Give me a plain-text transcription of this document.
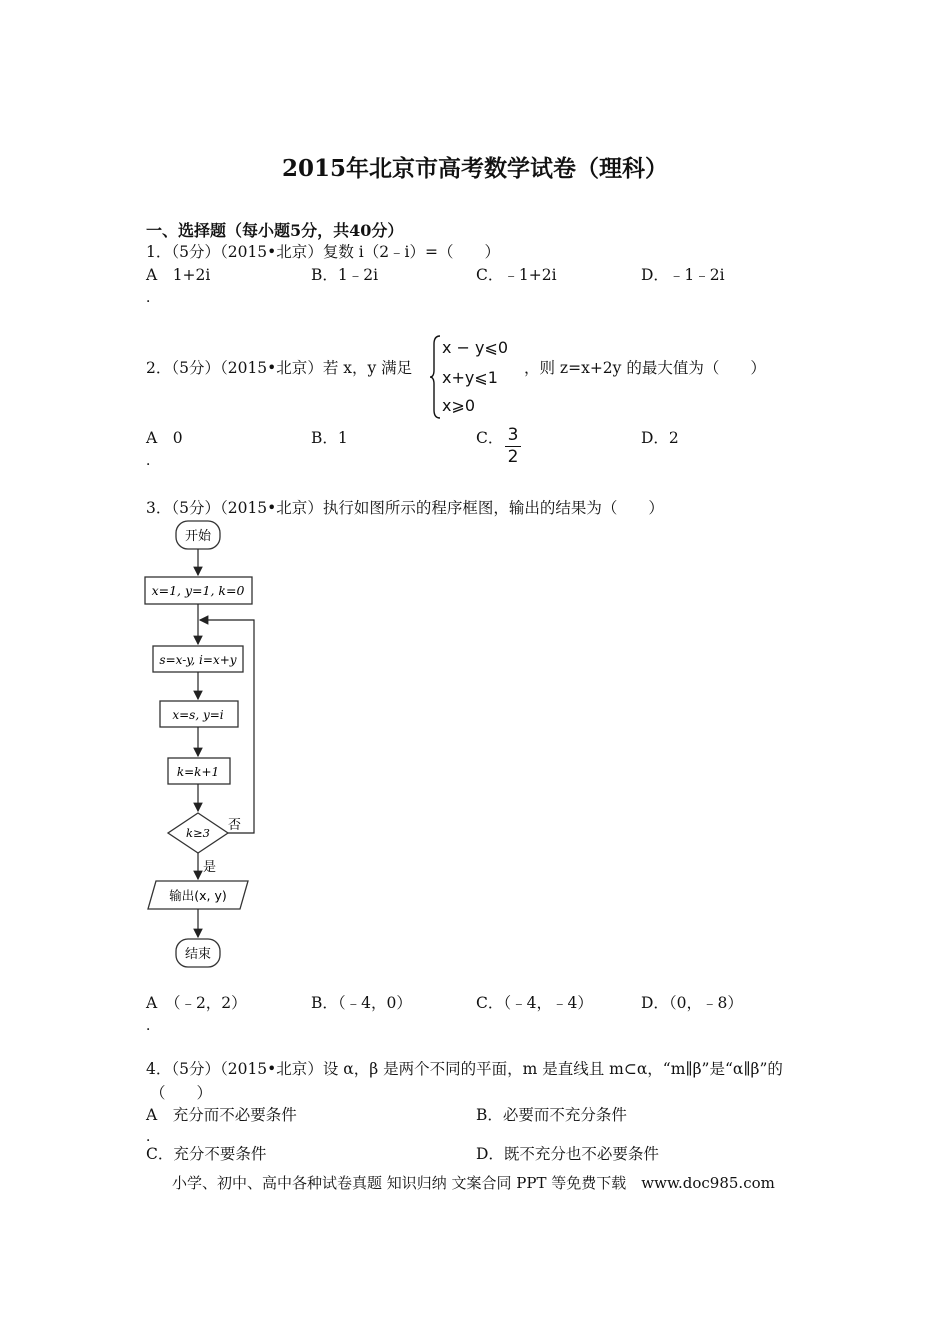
2015年北京市高考数学试卷（理科）
一、选择题（每小题5分，共40分）
1．（5分）（2015•北京）复数 i（2﹣i）=（　　）
A　1+2i
．
B．1﹣2i	C．﹣1+2i	D．﹣1﹣2i
2．（5分）（2015•北京）若 x，y 满足
x − y⩽0
x+y⩽1
x⩾0
，则 z=x+2y 的最大值为（　　）
A　0
．
B．1	C． 3
2
D．2
3．（5分）（2015•北京）执行如图所示的程序框图，输出的结果为（　　）
开始
x=1, y=1, k=0
s=x-y, i=x+y
x=s, y=i
k=k+1
k≥3 否
是
输出(x, y)
结束
A　（﹣2，2）
．
B．（﹣4，0）	C．（﹣4，﹣4）	D．（0，﹣8）
4．（5分）（2015•北京）设 α，β 是两个不同的平面，m 是直线且 m⊂α，“m∥β”是“α∥β”的
（　　）
A　充分而不必要条件
．
B．必要而不充分条件
C．充分不要条件	D．既不充分也不必要条件
小学、初中、高中各种试卷真题 知识归纳 文案合同 PPT 等免费下载　www.doc985.com
